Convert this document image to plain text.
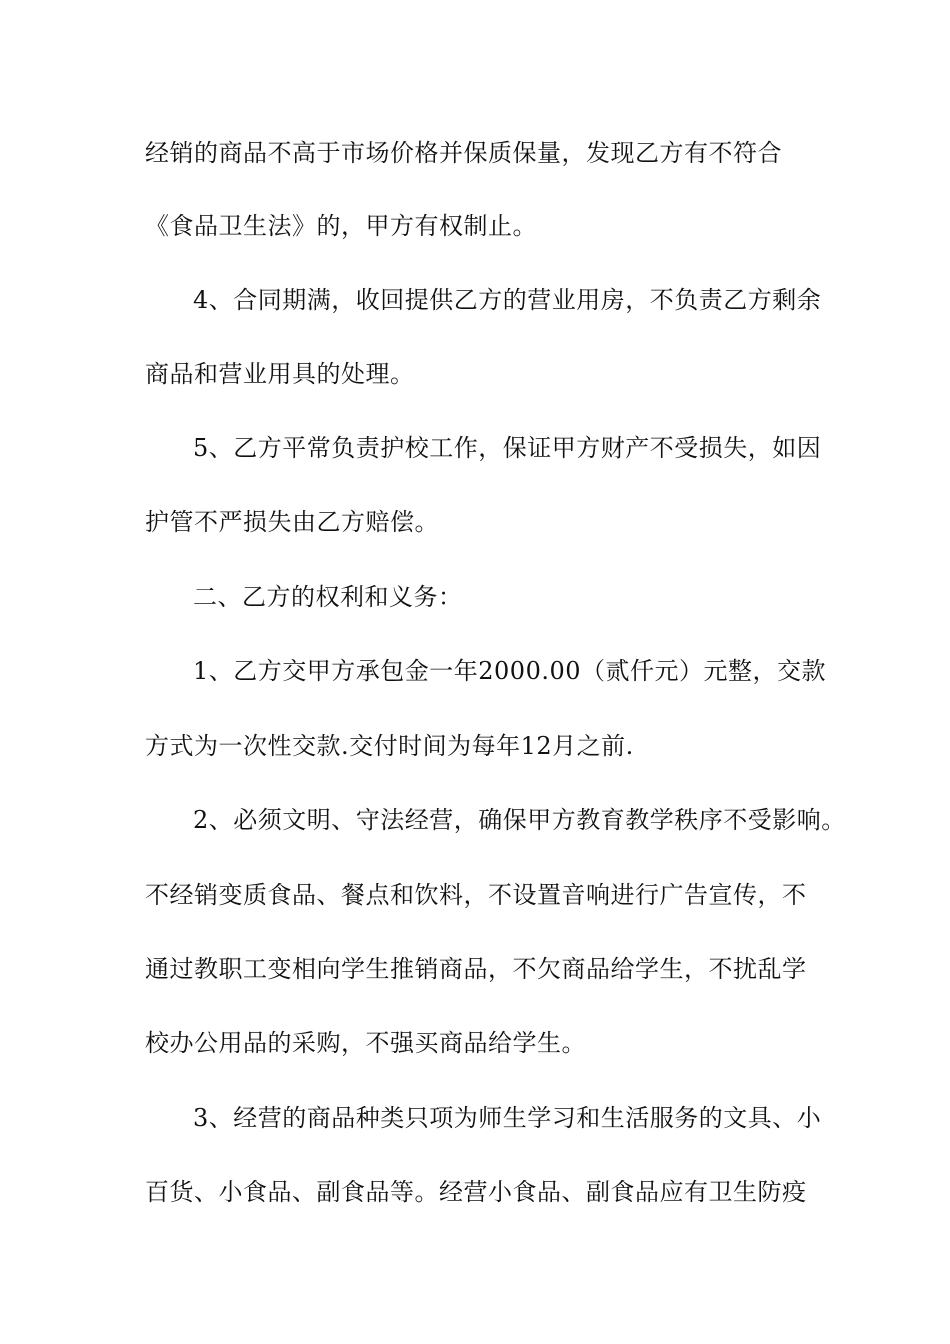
经销的商品不高于市场价格并保质保量，发现乙方有不符合
《食品卫生法》的，甲方有权制止。
4、合同期满，收回提供乙方的营业用房，不负责乙方剩余
商品和营业用具的处理。
5、乙方平常负责护校工作，保证甲方财产不受损失，如因
护管不严损失由乙方赔偿。
二、乙方的权利和义务：
1、乙方交甲方承包金一年2000.00（贰仟元）元整，交款
方式为一次性交款.交付时间为每年12月之前.
2、必须文明、守法经营，确保甲方教育教学秩序不受影响。
不经销变质食品、餐点和饮料，不设置音响进行广告宣传，不
通过教职工变相向学生推销商品，不欠商品给学生，不扰乱学
校办公用品的采购，不强买商品给学生。
3、经营的商品种类只项为师生学习和生活服务的文具、小
百货、小食品、副食品等。经营小食品、副食品应有卫生防疫
